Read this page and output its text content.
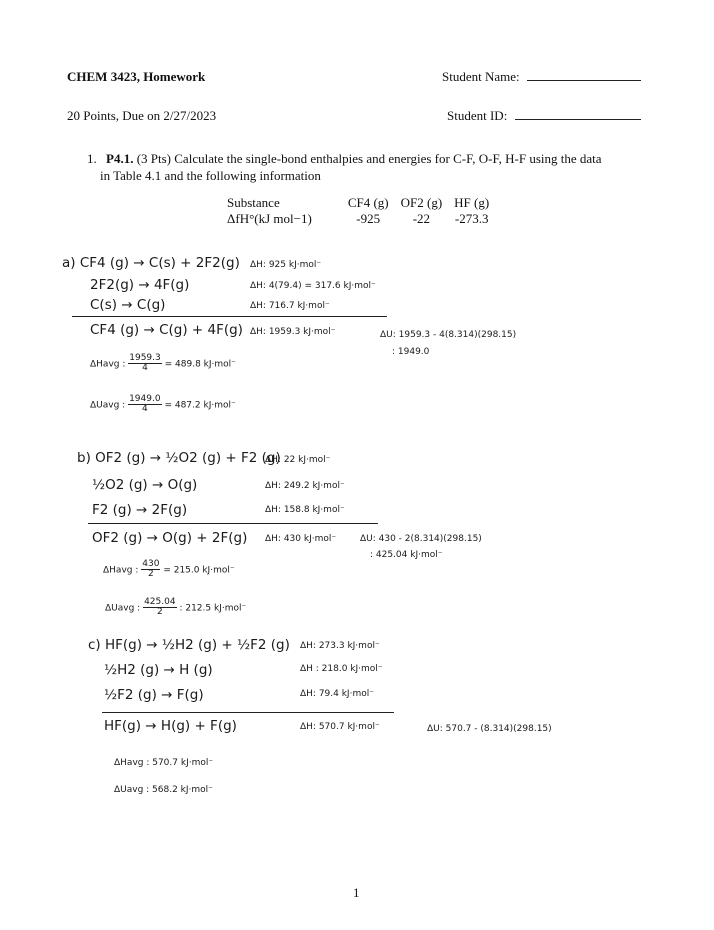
CHEM 3423, Homework	Student Name:
20 Points, Due on 2/27/2023	Student ID:
1. P4.1. (3 Pts) Calculate the single-bond enthalpies and energies for C-F, O-F, H-F using the data
in Table 4.1 and the following information
Substance	CF4 (g)	OF2 (g)	HF (g)
ΔfH°(kJ mol−1)	-925	-22	-273.3
a) CF4 (g) → C(s) + 2F2(g) ΔH: 925 kJ·mol⁻
2F2(g) → 4F(g)	ΔH: 4(79.4) = 317.6 kJ·mol⁻
C(s) → C(g)	ΔH: 716.7 kJ·mol⁻
CF4 (g) → C(g) + 4F(g) ΔH: 1959.3 kJ·mol⁻	ΔU: 1959.3 - 4(8.314)(298.15)
: 1949.0
ΔHavg : $\frac{1959.3}{4} = 489.8$ kJ·mol⁻
ΔUavg : $\frac{1949.0}{4} = 487.2$ kJ·mol⁻
b) OF2 (g) → ½O2 (g) + F2 (g)
ΔH: 22 kJ·mol⁻
½O2 (g) → O(g)	ΔH: 249.2 kJ·mol⁻
F2 (g) → 2F(g)	ΔH: 158.8 kJ·mol⁻
OF2 (g) → O(g) + 2F(g) ΔH: 430 kJ·mol⁻	ΔU: 430 - 2(8.314)(298.15)
: 425.04 kJ·mol⁻
ΔHavg : $\frac{430}{2} = 215.0$ kJ·mol⁻
ΔUavg : $\frac{425.04}{2}$ : 212.5 kJ·mol⁻
c) HF(g) → ½H2 (g) + ½F2 (g) ΔH: 273.3 kJ·mol⁻
½H2 (g) → H (g)	ΔH : 218.0 kJ·mol⁻
½F2 (g) → F(g)	ΔH: 79.4 kJ·mol⁻
HF(g) → H(g) + F(g)	ΔH: 570.7 kJ·mol⁻	ΔU: 570.7 - (8.314)(298.15)
ΔHavg : 570.7 kJ·mol⁻
ΔUavg : 568.2 kJ·mol⁻
1
